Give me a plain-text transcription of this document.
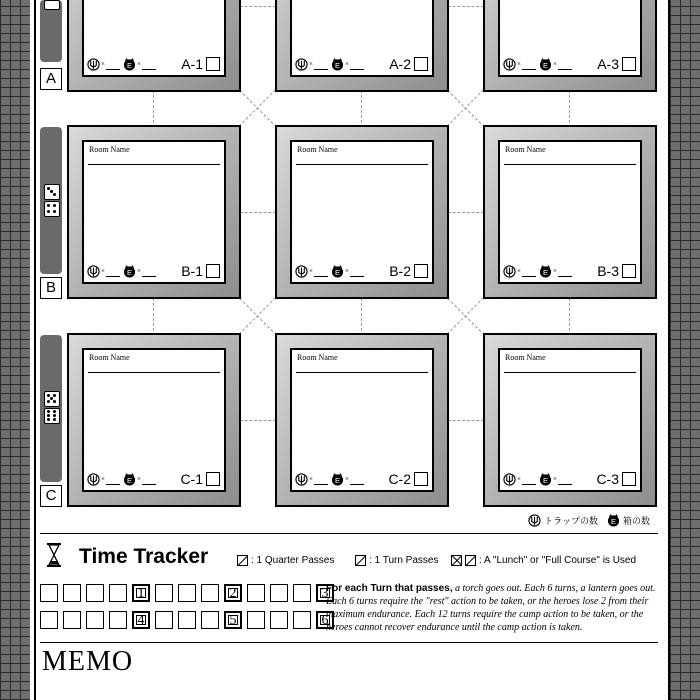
A
B
C
×	E ×	A-1	×	E ×	A-2	×	E ×	A-3
Room Name
×	E ×	B-1
Room Name
×	E ×	B-2
Room Name
×	E ×	B-3
Room Name
×	E ×	C-1
Room Name
×	E ×	C-2
Room Name
×	E ×	C-3
トラップの数 E 箱の数
Time Tracker	: 1 Quarter Passes	: 1 Turn Passes	: A "Lunch" or "Full Course" is Used
1	2	3
4	5	6
For each Turn that passes, a torch goes out. Each 6 turns, a lantern goes out. Each 6 turns require the "rest" action to be taken, or the heroes lose 2 from their maximum endurance. Each 12 turns require the camp action to be taken, or the heroes cannot recover endurance until the camp action is taken.
MEMO
